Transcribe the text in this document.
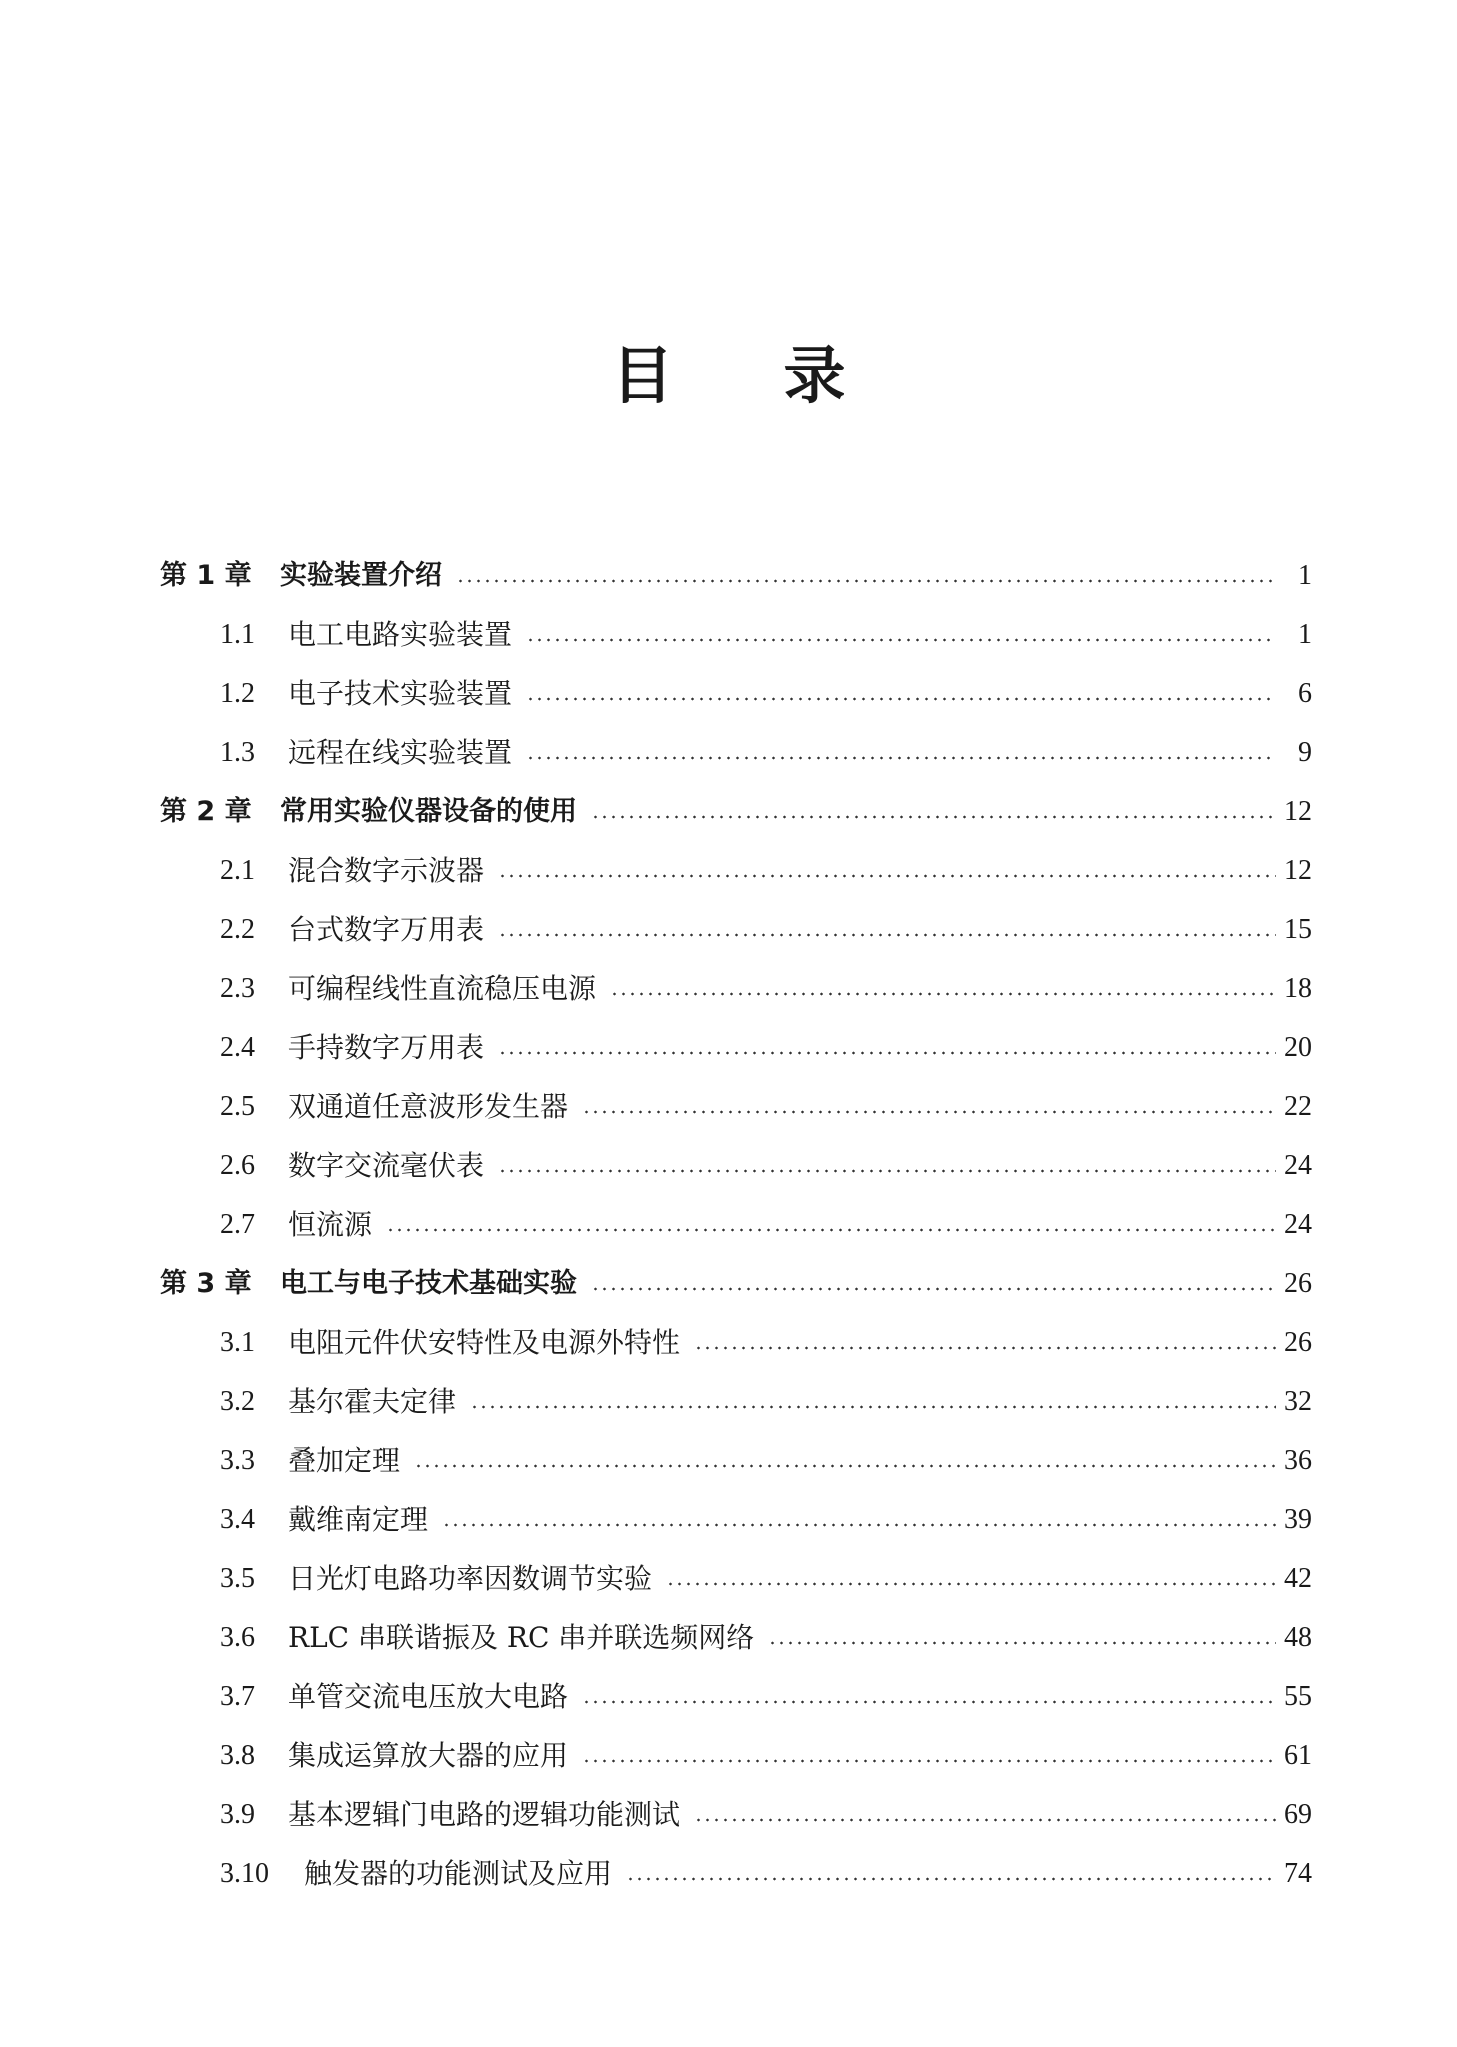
目 录
第 1 章	实验装置介绍	1
1.1	电工电路实验装置	1
1.2	电子技术实验装置	6
1.3	远程在线实验装置	9
第 2 章	常用实验仪器设备的使用	12
2.1	混合数字示波器	12
2.2	台式数字万用表	15
2.3	可编程线性直流稳压电源	18
2.4	手持数字万用表	20
2.5	双通道任意波形发生器	22
2.6	数字交流毫伏表	24
2.7	恒流源	24
第 3 章	电工与电子技术基础实验	26
3.1	电阻元件伏安特性及电源外特性	26
3.2	基尔霍夫定律	32
3.3	叠加定理	36
3.4	戴维南定理	39
3.5	日光灯电路功率因数调节实验	42
3.6	RLC 串联谐振及 RC 串并联选频网络	48
3.7	单管交流电压放大电路	55
3.8	集成运算放大器的应用	61
3.9	基本逻辑门电路的逻辑功能测试	69
3.10	触发器的功能测试及应用	74
